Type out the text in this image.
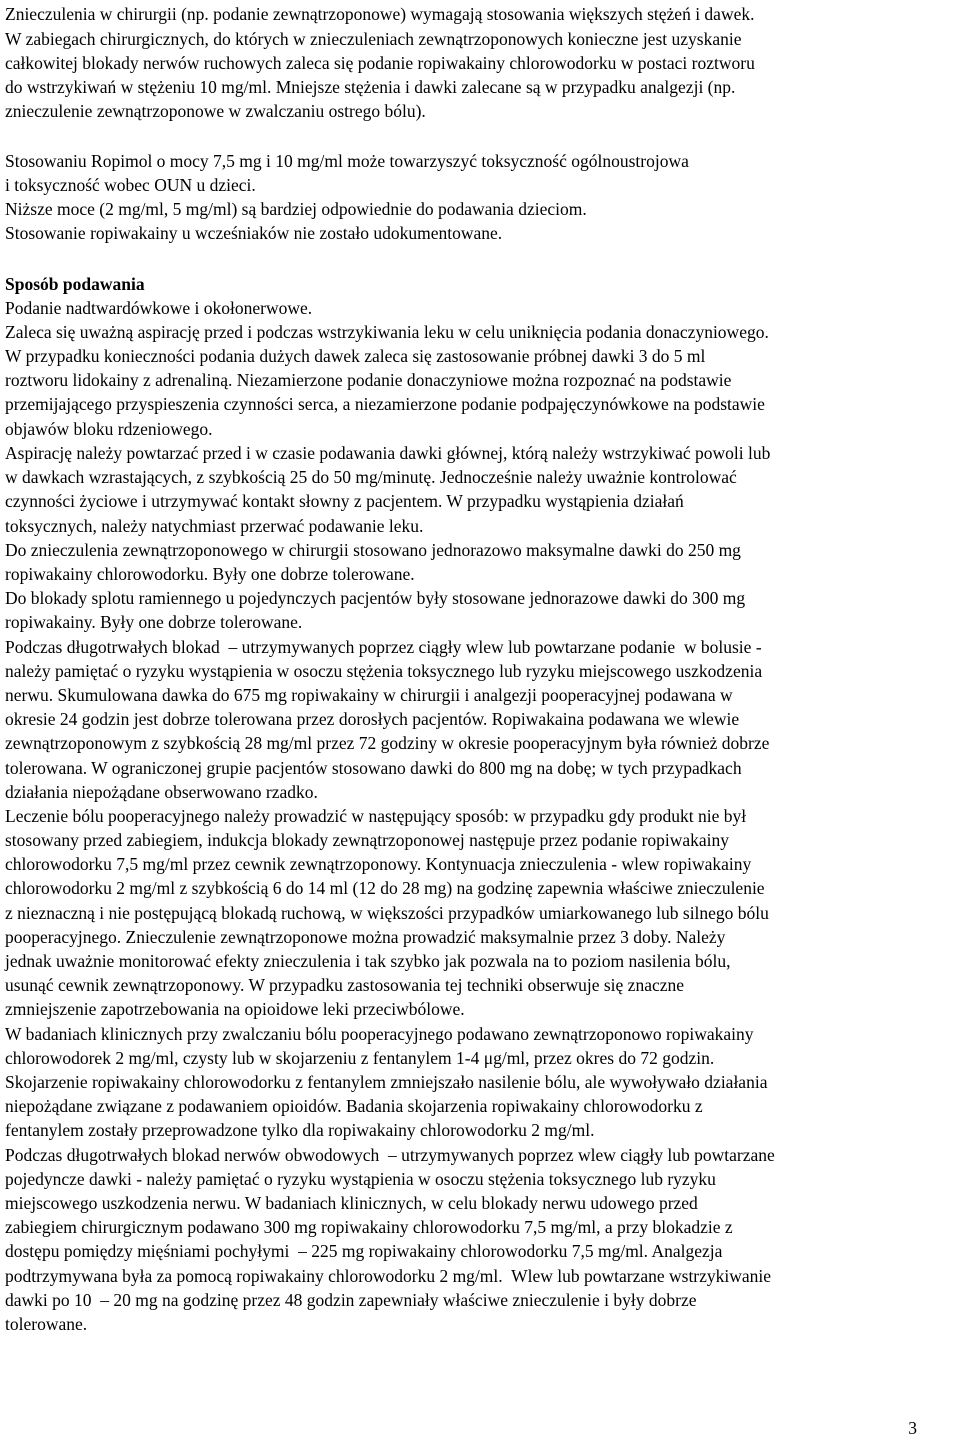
Znieczulenia w chirurgii (np. podanie zewnątrzoponowe) wymagają stosowania większych stężeń i dawek.
W zabiegach chirurgicznych, do których w znieczuleniach zewnątrzoponowych konieczne jest uzyskanie
całkowitej blokady nerwów ruchowych zaleca się podanie ropiwakainy chlorowodorku w postaci roztworu
do wstrzykiwań w stężeniu 10 mg/ml. Mniejsze stężenia i dawki zalecane są w przypadku analgezji (np.
znieczulenie zewnątrzoponowe w zwalczaniu ostrego bólu).
Stosowaniu Ropimol o mocy 7,5 mg i 10 mg/ml może towarzyszyć toksyczność ogólnoustrojowa
i toksyczność wobec OUN u dzieci.
Niższe moce (2 mg/ml, 5 mg/ml) są bardziej odpowiednie do podawania dzieciom.
Stosowanie ropiwakainy u wcześniaków nie zostało udokumentowane.
Sposób podawania
Podanie nadtwardówkowe i okołonerwowe.
Zaleca się uważną aspirację przed i podczas wstrzykiwania leku w celu uniknięcia podania donaczyniowego.
W przypadku konieczności podania dużych dawek zaleca się zastosowanie próbnej dawki 3 do 5 ml
roztworu lidokainy z adrenaliną. Niezamierzone podanie donaczyniowe można rozpoznać na podstawie
przemijającego przyspieszenia czynności serca, a niezamierzone podanie podpajęczynówkowe na podstawie
objawów bloku rdzeniowego.
Aspirację należy powtarzać przed i w czasie podawania dawki głównej, którą należy wstrzykiwać powoli lub
w dawkach wzrastających, z szybkością 25 do 50 mg/minutę. Jednocześnie należy uważnie kontrolować
czynności życiowe i utrzymywać kontakt słowny z pacjentem. W przypadku wystąpienia działań
toksycznych, należy natychmiast przerwać podawanie leku.
Do znieczulenia zewnątrzoponowego w chirurgii stosowano jednorazowo maksymalne dawki do 250 mg
ropiwakainy chlorowodorku. Były one dobrze tolerowane.
Do blokady splotu ramiennego u pojedynczych pacjentów były stosowane jednorazowe dawki do 300 mg
ropiwakainy. Były one dobrze tolerowane.
Podczas długotrwałych blokad  – utrzymywanych poprzez ciągły wlew lub powtarzane podanie  w bolusie -
należy pamiętać o ryzyku wystąpienia w osoczu stężenia toksycznego lub ryzyku miejscowego uszkodzenia
nerwu. Skumulowana dawka do 675 mg ropiwakainy w chirurgii i analgezji pooperacyjnej podawana w
okresie 24 godzin jest dobrze tolerowana przez dorosłych pacjentów. Ropiwakaina podawana we wlewie
zewnątrzoponowym z szybkością 28 mg/ml przez 72 godziny w okresie pooperacyjnym była również dobrze
tolerowana. W ograniczonej grupie pacjentów stosowano dawki do 800 mg na dobę; w tych przypadkach
działania niepożądane obserwowano rzadko.
Leczenie bólu pooperacyjnego należy prowadzić w następujący sposób: w przypadku gdy produkt nie był
stosowany przed zabiegiem, indukcja blokady zewnątrzoponowej następuje przez podanie ropiwakainy
chlorowodorku 7,5 mg/ml przez cewnik zewnątrzoponowy. Kontynuacja znieczulenia - wlew ropiwakainy
chlorowodorku 2 mg/ml z szybkością 6 do 14 ml (12 do 28 mg) na godzinę zapewnia właściwe znieczulenie
z nieznaczną i nie postępującą blokadą ruchową, w większości przypadków umiarkowanego lub silnego bólu
pooperacyjnego. Znieczulenie zewnątrzoponowe można prowadzić maksymalnie przez 3 doby. Należy
jednak uważnie monitorować efekty znieczulenia i tak szybko jak pozwala na to poziom nasilenia bólu,
usunąć cewnik zewnątrzoponowy. W przypadku zastosowania tej techniki obserwuje się znaczne
zmniejszenie zapotrzebowania na opioidowe leki przeciwbólowe.
W badaniach klinicznych przy zwalczaniu bólu pooperacyjnego podawano zewnątrzoponowo ropiwakainy
chlorowodorek 2 mg/ml, czysty lub w skojarzeniu z fentanylem 1-4 μg/ml, przez okres do 72 godzin.
Skojarzenie ropiwakainy chlorowodorku z fentanylem zmniejszało nasilenie bólu, ale wywoływało działania
niepożądane związane z podawaniem opioidów. Badania skojarzenia ropiwakainy chlorowodorku z
fentanylem zostały przeprowadzone tylko dla ropiwakainy chlorowodorku 2 mg/ml.
Podczas długotrwałych blokad nerwów obwodowych  – utrzymywanych poprzez wlew ciągły lub powtarzane
pojedyncze dawki - należy pamiętać o ryzyku wystąpienia w osoczu stężenia toksycznego lub ryzyku
miejscowego uszkodzenia nerwu. W badaniach klinicznych, w celu blokady nerwu udowego przed
zabiegiem chirurgicznym podawano 300 mg ropiwakainy chlorowodorku 7,5 mg/ml, a przy blokadzie z
dostępu pomiędzy mięśniami pochyłymi  – 225 mg ropiwakainy chlorowodorku 7,5 mg/ml. Analgezja
podtrzymywana była za pomocą ropiwakainy chlorowodorku 2 mg/ml.  Wlew lub powtarzane wstrzykiwanie
dawki po 10  – 20 mg na godzinę przez 48 godzin zapewniały właściwe znieczulenie i były dobrze
tolerowane.
3
